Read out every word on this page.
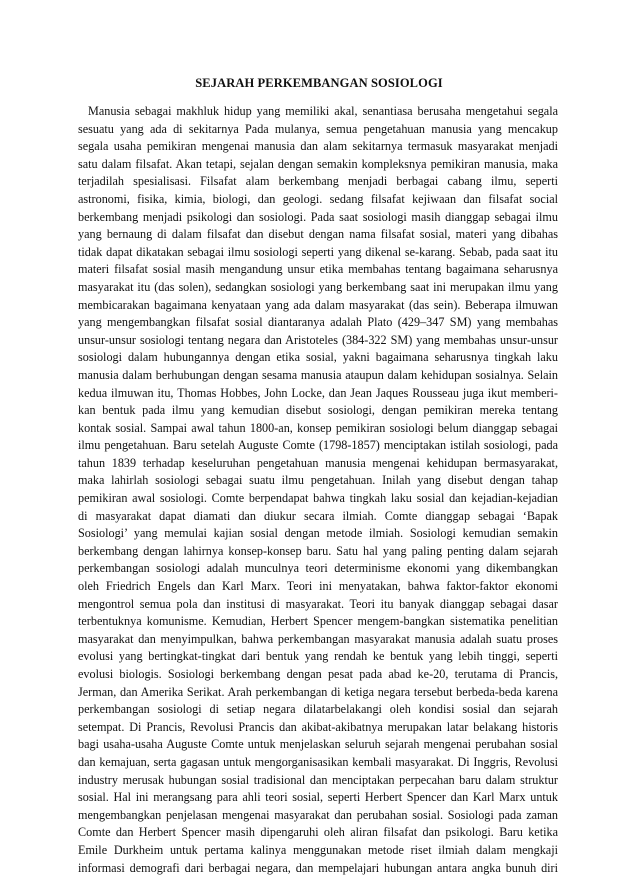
SEJARAH PERKEMBANGAN SOSIOLOGI
Manusia sebagai makhluk hidup yang memiliki akal, senantiasa berusaha mengetahui segala
sesuatu yang ada di sekitarnya Pada mulanya, semua pengetahuan manusia yang mencakup
segala usaha pemikiran mengenai manusia dan alam sekitarnya termasuk masyarakat menjadi
satu dalam filsafat. Akan tetapi, sejalan dengan semakin kompleksnya pemikiran manusia, maka
terjadilah spesialisasi. Filsafat alam berkembang menjadi berbagai cabang ilmu, seperti
astronomi, fisika, kimia, biologi, dan geologi. sedang filsafat kejiwaan dan filsafat social
berkembang menjadi psikologi dan sosiologi. Pada saat sosiologi masih dianggap sebagai ilmu
yang bernaung di dalam filsafat dan disebut dengan nama filsafat sosial, materi yang dibahas
tidak dapat dikatakan sebagai ilmu sosiologi seperti yang dikenal se-karang. Sebab, pada saat itu
materi filsafat sosial masih mengandung unsur etika membahas tentang bagaimana seharusnya
masyarakat itu (das solen), sedangkan sosiologi yang berkembang saat ini merupakan ilmu yang
membicarakan bagaimana kenyataan yang ada dalam masyarakat (das sein). Beberapa ilmuwan
yang mengembangkan filsafat sosial diantaranya adalah Plato (429–347 SM) yang membahas
unsur-unsur sosiologi tentang negara dan Aristoteles (384-322 SM) yang membahas unsur-unsur
sosiologi dalam hubungannya dengan etika sosial, yakni bagaimana seharusnya tingkah laku
manusia dalam berhubungan dengan sesama manusia ataupun dalam kehidupan sosialnya. Selain
kedua ilmuwan itu, Thomas Hobbes, John Locke, dan Jean Jaques Rousseau juga ikut memberi-
kan bentuk pada ilmu yang kemudian disebut sosiologi, dengan pemikiran mereka tentang
kontak sosial. Sampai awal tahun 1800-an, konsep pemikiran sosiologi belum dianggap sebagai
ilmu pengetahuan. Baru setelah Auguste Comte (1798-1857) menciptakan istilah sosiologi, pada
tahun 1839 terhadap keseluruhan pengetahuan manusia mengenai kehidupan bermasyarakat,
maka lahirlah sosiologi sebagai suatu ilmu pengetahuan. Inilah yang disebut dengan tahap
pemikiran awal sosiologi. Comte berpendapat bahwa tingkah laku sosial dan kejadian-kejadian
di masyarakat dapat diamati dan diukur secara ilmiah. Comte dianggap sebagai ‘Bapak
Sosiologi’ yang memulai kajian sosial dengan metode ilmiah. Sosiologi kemudian semakin
berkembang dengan lahirnya konsep-konsep baru. Satu hal yang paling penting dalam sejarah
perkembangan sosiologi adalah munculnya teori determinisme ekonomi yang dikembangkan
oleh Friedrich Engels dan Karl Marx. Teori ini menyatakan, bahwa faktor-faktor ekonomi
mengontrol semua pola dan institusi di masyarakat. Teori itu banyak dianggap sebagai dasar
terbentuknya komunisme. Kemudian, Herbert Spencer mengem-bangkan sistematika penelitian
masyarakat dan menyimpulkan, bahwa perkembangan masyarakat manusia adalah suatu proses
evolusi yang bertingkat-tingkat dari bentuk yang rendah ke bentuk yang lebih tinggi, seperti
evolusi biologis. Sosiologi berkembang dengan pesat pada abad ke-20, terutama di Prancis,
Jerman, dan Amerika Serikat. Arah perkembangan di ketiga negara tersebut berbeda-beda karena
perkembangan sosiologi di setiap negara dilatarbelakangi oleh kondisi sosial dan sejarah
setempat. Di Prancis, Revolusi Prancis dan akibat-akibatnya merupakan latar belakang historis
bagi usaha-usaha Auguste Comte untuk menjelaskan seluruh sejarah mengenai perubahan sosial
dan kemajuan, serta gagasan untuk mengorganisasikan kembali masyarakat. Di Inggris, Revolusi
industry merusak hubungan sosial tradisional dan menciptakan perpecahan baru dalam struktur
sosial. Hal ini merangsang para ahli teori sosial, seperti Herbert Spencer dan Karl Marx untuk
mengembangkan penjelasan mengenai masyarakat dan perubahan sosial. Sosiologi pada zaman
Comte dan Herbert Spencer masih dipengaruhi oleh aliran filsafat dan psikologi. Baru ketika
Emile Durkheim untuk pertama kalinya menggunakan metode riset ilmiah dalam mengkaji
informasi demografi dari berbagai negara, dan mempelajari hubungan antara angka bunuh diri
